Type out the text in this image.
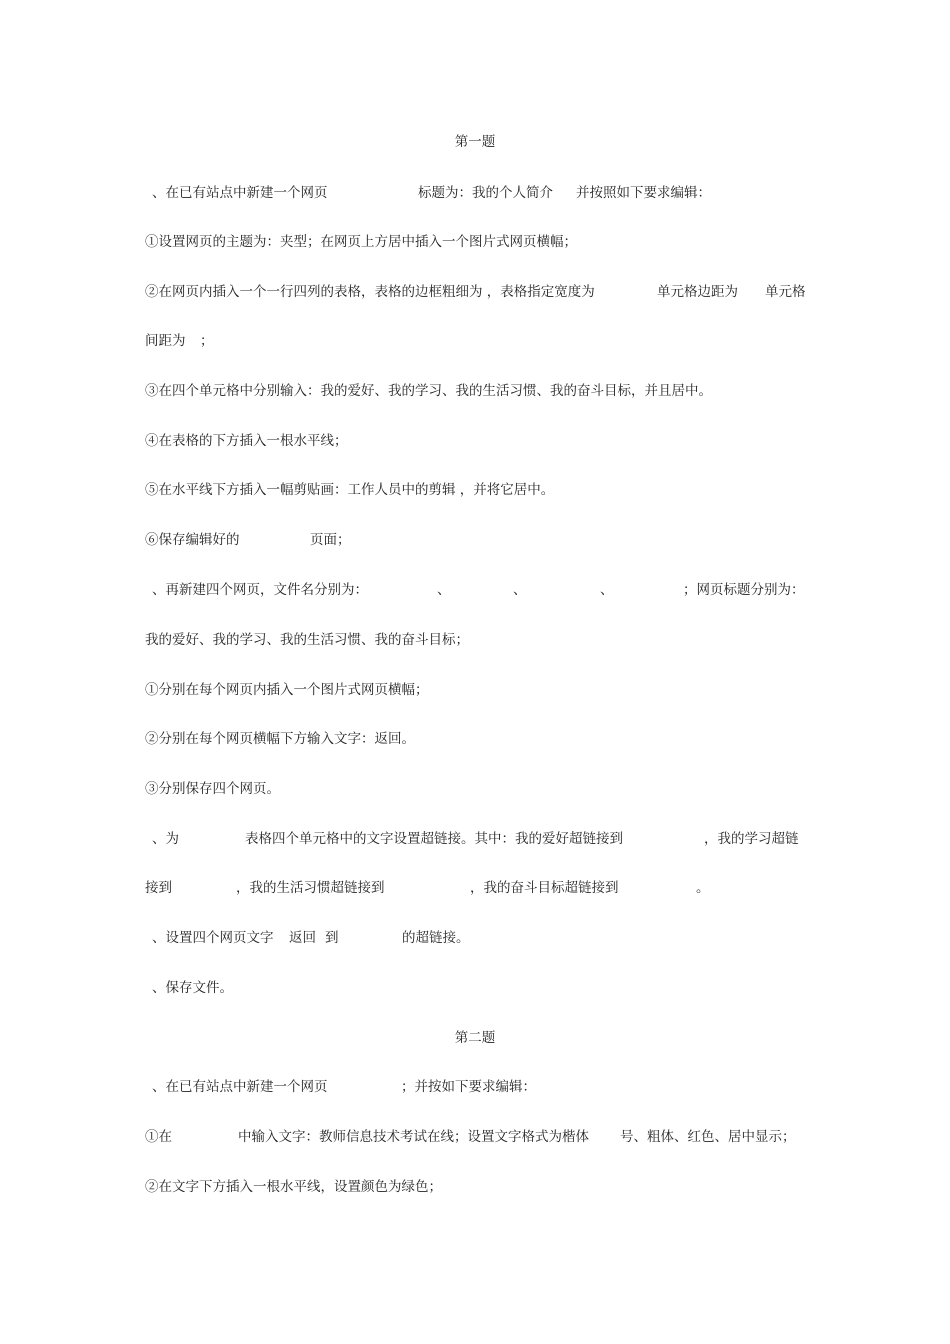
第一题
、在已有站点中新建一个网页	标题为：我的个人简介 并按照如下要求编辑：
①设置网页的主题为：夹型；在网页上方居中插入一个图片式网页横幅；
②在网页内插入一个一行四列的表格，表格的边框粗细为 ，表格指定宽度为	单元格边距为 单元格
间距为 ；
③在四个单元格中分别输入：我的爱好、我的学习、我的生活习惯、我的奋斗目标，并且居中。
④在表格的下方插入一根水平线；
⑤在水平线下方插入一幅剪贴画：工作人员中的剪辑 ，并将它居中。
⑥保存编辑好的	页面；
、再新建四个网页，文件名分别为：	、	、	、	；网页标题分别为：
我的爱好、我的学习、我的生活习惯、我的奋斗目标；
①分别在每个网页内插入一个图片式网页横幅；
②分别在每个网页横幅下方输入文字：返回。
③分别保存四个网页。
、为	表格四个单元格中的文字设置超链接。其中：我的爱好超链接到	，我的学习超链
接到	，我的生活习惯超链接到	，我的奋斗目标超链接到	。
、设置四个网页文字 返回 到	的超链接。
、保存文件。
第二题
、在已有站点中新建一个网页	；并按如下要求编辑：
①在	中输入文字：教师信息技术考试在线；设置文字格式为楷体 号、粗体、红色、居中显示；
②在文字下方插入一根水平线，设置颜色为绿色；
